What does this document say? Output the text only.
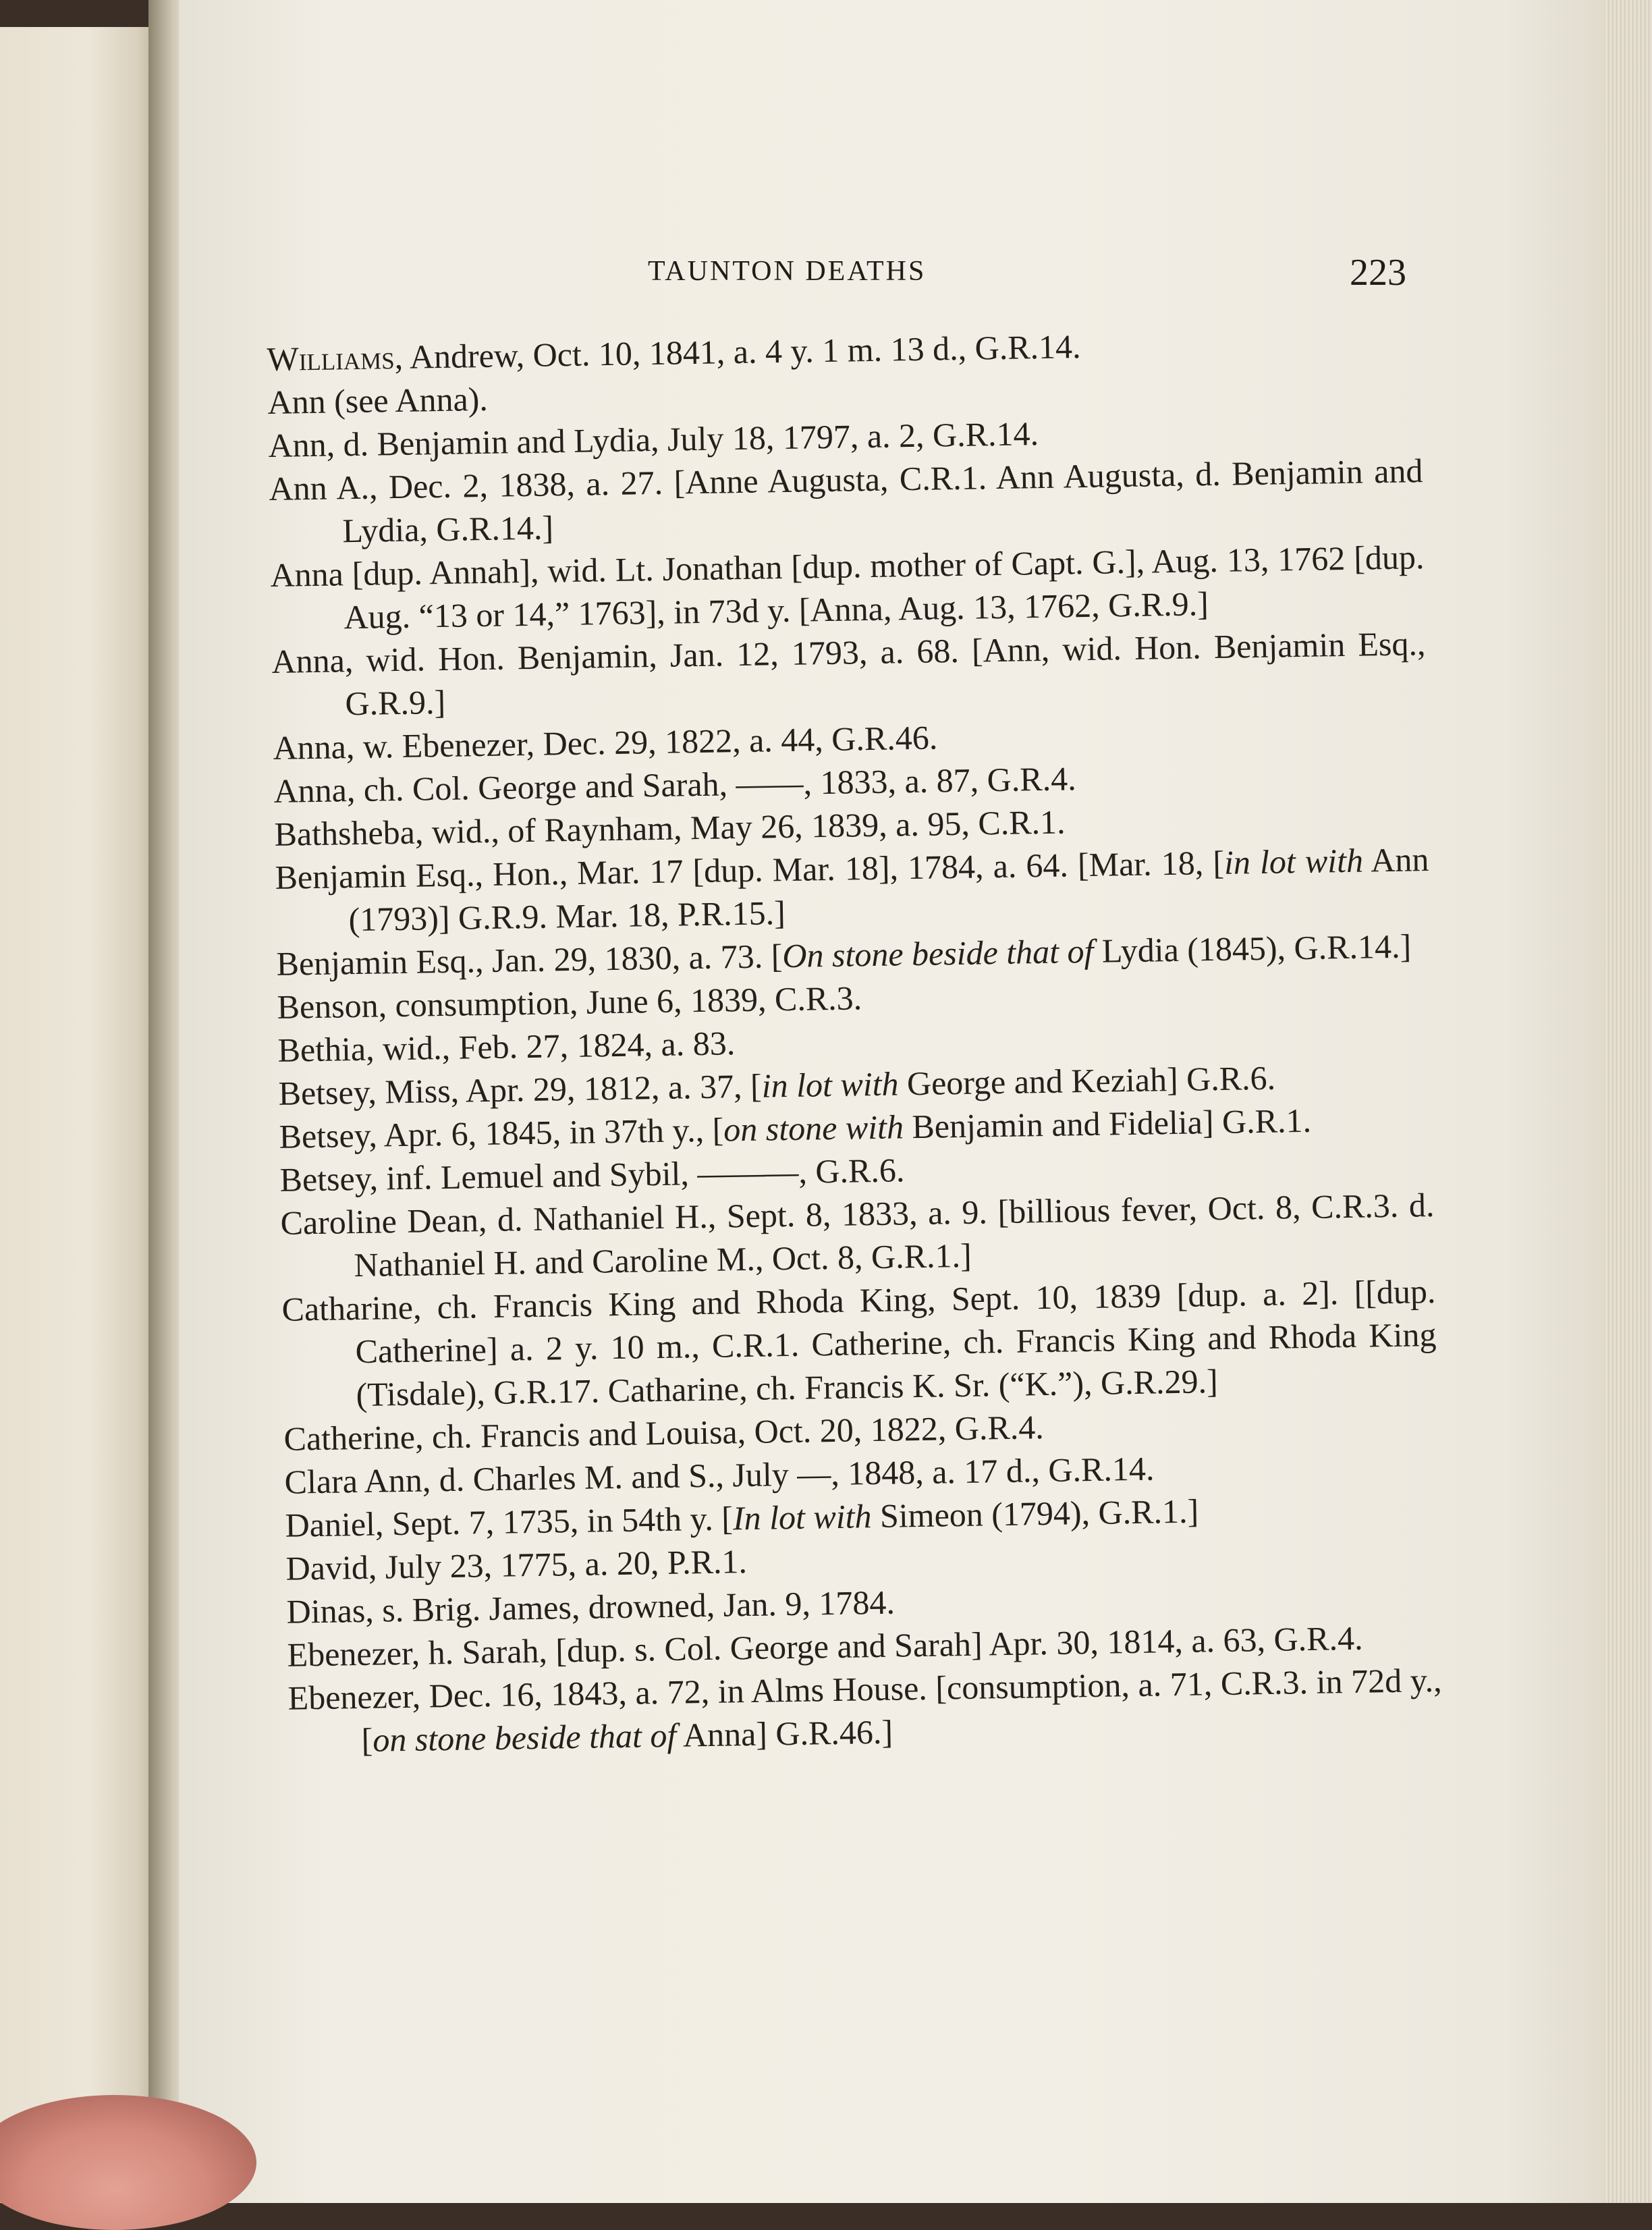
TAUNTON DEATHS	223
Williams, Andrew, Oct. 10, 1841, a. 4 y. 1 m. 13 d., G.R.14.
Ann (see Anna).
Ann, d. Benjamin and Lydia, July 18, 1797, a. 2, G.R.14.
Ann A., Dec. 2, 1838, a. 27. [Anne Augusta, C.R.1. Ann Augusta, d. Benjamin and Lydia, G.R.14.]
Anna [dup. Annah], wid. Lt. Jonathan [dup. mother of Capt. G.], Aug. 13, 1762 [dup. Aug. “13 or 14,” 1763], in 73d y. [Anna, Aug. 13, 1762, G.R.9.]
Anna, wid. Hon. Benjamin, Jan. 12, 1793, a. 68. [Ann, wid. Hon. Benjamin Esq., G.R.9.]
Anna, w. Ebenezer, Dec. 29, 1822, a. 44, G.R.46.
Anna, ch. Col. George and Sarah, ——, 1833, a. 87, G.R.4.
Bathsheba, wid., of Raynham, May 26, 1839, a. 95, C.R.1.
Benjamin Esq., Hon., Mar. 17 [dup. Mar. 18], 1784, a. 64. [Mar. 18, [in lot with Ann (1793)] G.R.9. Mar. 18, P.R.15.]
Benjamin Esq., Jan. 29, 1830, a. 73. [On stone beside that of Lydia (1845), G.R.14.]
Benson, consumption, June 6, 1839, C.R.3.
Bethia, wid., Feb. 27, 1824, a. 83.
Betsey, Miss, Apr. 29, 1812, a. 37, [in lot with George and Keziah] G.R.6.
Betsey, Apr. 6, 1845, in 37th y., [on stone with Benjamin and Fidelia] G.R.1.
Betsey, inf. Lemuel and Sybil, ———, G.R.6.
Caroline Dean, d. Nathaniel H., Sept. 8, 1833, a. 9. [billious fever, Oct. 8, C.R.3. d. Nathaniel H. and Caroline M., Oct. 8, G.R.1.]
Catharine, ch. Francis King and Rhoda King, Sept. 10, 1839 [dup. a. 2]. [[dup. Catherine] a. 2 y. 10 m., C.R.1. Catherine, ch. Francis King and Rhoda King (Tisdale), G.R.17. Catharine, ch. Francis K. Sr. (“K.”), G.R.29.]
Catherine, ch. Francis and Louisa, Oct. 20, 1822, G.R.4.
Clara Ann, d. Charles M. and S., July —, 1848, a. 17 d., G.R.14.
Daniel, Sept. 7, 1735, in 54th y. [In lot with Simeon (1794), G.R.1.]
David, July 23, 1775, a. 20, P.R.1.
Dinas, s. Brig. James, drowned, Jan. 9, 1784.
Ebenezer, h. Sarah, [dup. s. Col. George and Sarah] Apr. 30, 1814, a. 63, G.R.4.
Ebenezer, Dec. 16, 1843, a. 72, in Alms House. [consumption, a. 71, C.R.3. in 72d y., [on stone beside that of Anna] G.R.46.]
